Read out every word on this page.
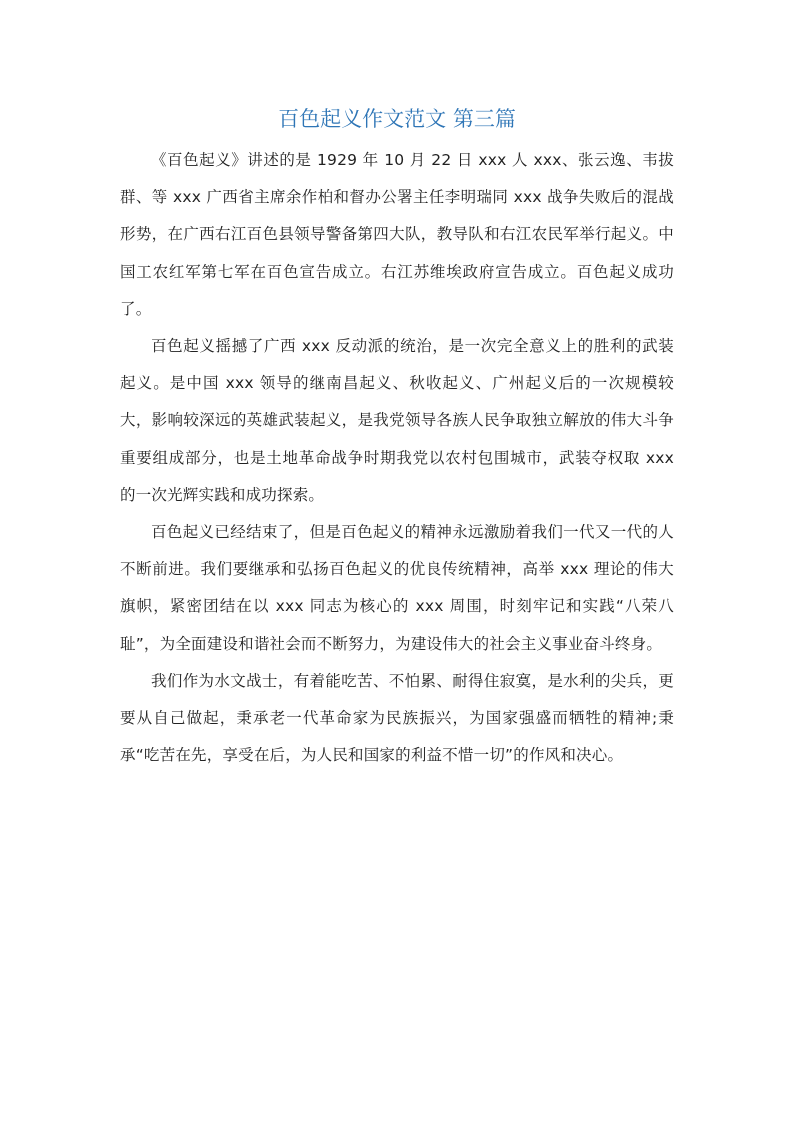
百色起义作文范文 第三篇

《百色起义》讲述的是 1929 年 10 月 22 日 xxx 人 xxx、张云逸、韦拔群、等 xxx 广西省主席余作柏和督办公署主任李明瑞同 xxx 战争失败后的混战形势，在广西右江百色县领导警备第四大队，教导队和右江农民军举行起义。中国工农红军第七军在百色宣告成立。右江苏维埃政府宣告成立。百色起义成功了。

百色起义摇撼了广西 xxx 反动派的统治，是一次完全意义上的胜利的武装起义。是中国 xxx 领导的继南昌起义、秋收起义、广州起义后的一次规模较大，影响较深远的英雄武装起义，是我党领导各族人民争取独立解放的伟大斗争重要组成部分，也是土地革命战争时期我党以农村包围城市，武装夺权取 xxx 的一次光辉实践和成功探索。

百色起义已经结束了，但是百色起义的精神永远激励着我们一代又一代的人不断前进。我们要继承和弘扬百色起义的优良传统精神，高举 xxx 理论的伟大旗帜，紧密团结在以 xxx 同志为核心的 xxx 周围，时刻牢记和实践“八荣八耻”，为全面建设和谐社会而不断努力，为建设伟大的社会主义事业奋斗终身。

我们作为水文战士，有着能吃苦、不怕累、耐得住寂寞，是水利的尖兵，更要从自己做起，秉承老一代革命家为民族振兴，为国家强盛而牺牲的精神;秉承“吃苦在先，享受在后，为人民和国家的利益不惜一切”的作风和决心。
